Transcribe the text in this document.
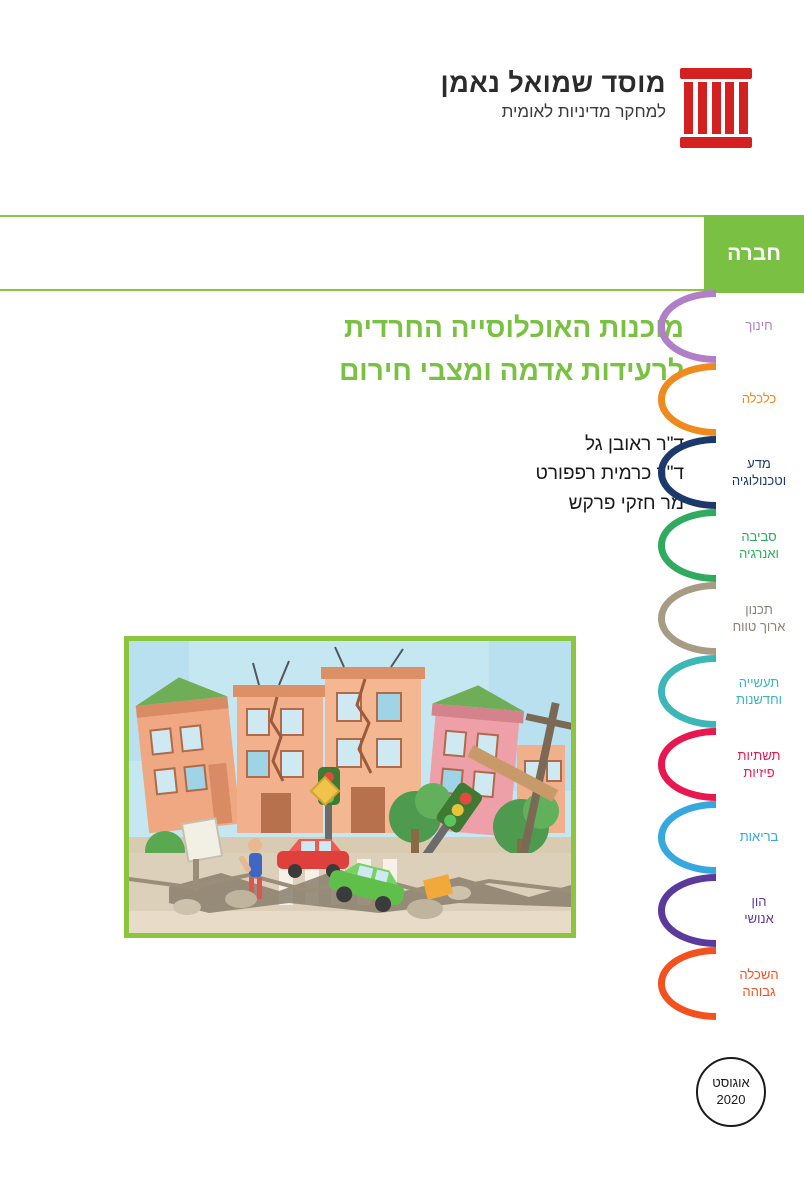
מוסד שמואל נאמן
למחקר מדיניות לאומית
חברה
מוכנות האוכלוסייה החרדית
לרעידות אדמה ומצבי חירום
ד"ר ראובן גל
ד"ר כרמית רפפורט
מר חזקי פרקש
חינוך
כלכלה
מדע
וטכנולוגיה
סביבה
ואנרגיה
תכנון
ארוך טווח
תעשייה
וחדשנות
תשתיות
פיזיות
בריאות
הון
אנושי
השכלה
גבוהה
אוגוסט
2020
